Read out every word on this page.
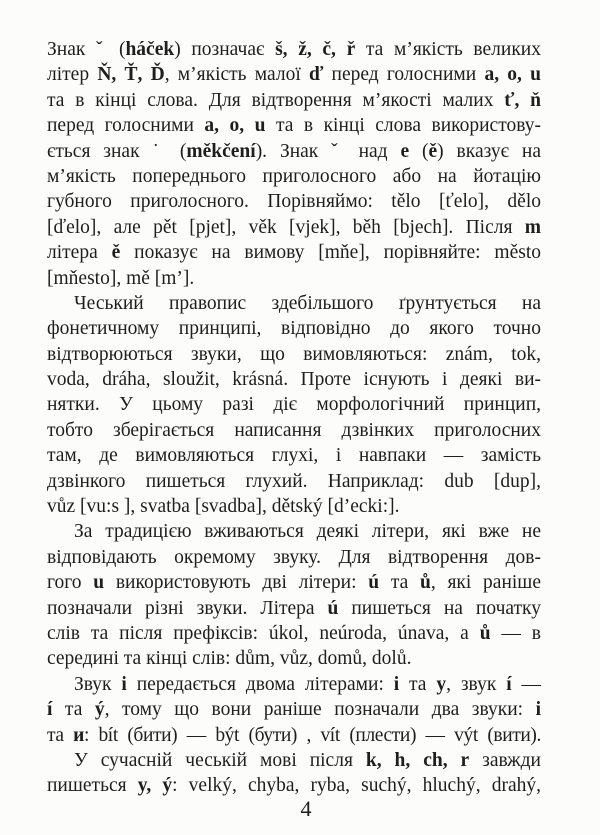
Знак ˇ (háček) позначає š, ž, č, ř та м’якість великих
літер Ň, Ť, Ď, м’якість малої ď перед голосними a, o, u
та в кінці слова. Для відтворення м’якості малих ť, ň
перед голосними a, o, u та в кінці слова використову-
ється знак ˙ (měkčení). Знак ˇ над e (ě) вказує на
м’якість попереднього приголосного або на йотацію
губного приголосного. Порівняймо: tělo [ťelo], dělo
[ďelo], але pět [pjet], věk [vjek], běh [bjech]. Після m
літера ě показує на вимову [mňe], порівняйте: město
[mňesto], mě [m’].
Чеський правопис здебільшого ґрунтується на
фонетичному принципі, відповідно до якого точно
відтворюються звуки, що вимовляються: znám, tok,
voda, dráha, sloužit, krásná. Проте існують і деякі ви-
нятки. У цьому разі діє морфологічний принцип,
тобто зберігається написання дзвінких приголосних
там, де вимовляються глухі, і навпаки — замість
дзвінкого пишеться глухий. Наприклад: dub [dup],
vůz [vu:s ], svatba [svadba], dětský [d’ecki:].
За традицією вживаються деякі літери, які вже не
відповідають окремому звуку. Для відтворення дов-
гого u використовують дві літери: ú та ů, які раніше
позначали різні звуки. Літера ú пишеться на початку
слів та після префіксів: úkol, neúroda, únava, а ů — в
середині та кінці слів: dům, vůz, domů, dolů.
Звук i передається двома літерами: i та y, звук í —
í та ý, тому що вони раніше позначали два звуки: i
та и: bít (бити) — být (бути) , vít (плести) — výt (вити).
У сучасній чеській мові після k, h, ch, r завжди
пишеться y, ý: velký, chyba, ryba, suchý, hluchý, drahý,
4
